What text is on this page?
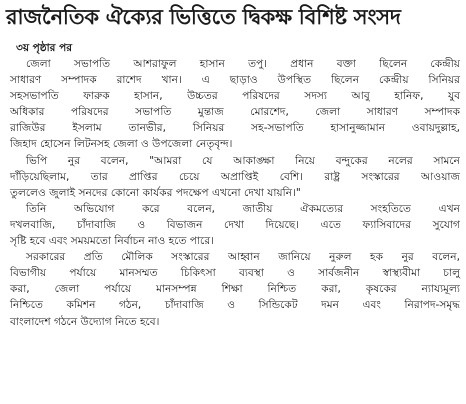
রাজনৈতিক ঐক্যের ভিত্তিতে দ্বিকক্ষ বিশিষ্ট সংসদ
৩য় পৃষ্ঠার পর
জেলা সভাপতি আশরাফুল হাসান তপু। প্রধান বক্তা ছিলেন কেন্দ্রীয়
সাধারণ সম্পাদক রাশেদ খান। এ ছাড়াও উপস্থিত ছিলেন কেন্দ্রীয় সিনিয়র
সহসভাপতি ফারুক হাসান, উচ্চতর পরিষদের সদস্য আবু হানিফ, যুব
অধিকার পরিষদের সভাপতি মুন্তাজ মোরশেদ, জেলা সাধারণ সম্পাদক
রাজিউর ইসলাম তানভীর, সিনিয়র সহ-সভাপতি হাসানুজ্জামান ওবায়দুল্লাহ,
জিহাদ হোসেন লিটনসহ জেলা ও উপজেলা নেতৃবৃন্দ।
ভিপি নুর বলেন, "আমরা যে আকাঙ্ক্ষা নিয়ে বন্দুকের নলের সামনে
দাঁড়িয়েছিলাম, তার প্রাপ্তির চেয়ে অপ্রাপ্তিই বেশি। রাষ্ট্র সংস্কারের আওয়াজ
তুললেও জুলাই সনদের কোনো কার্যকর পদক্ষেপ এখনো দেখা যায়নি।"
তিনি অভিযোগ করে বলেন, জাতীয় ঐকমত্যের সংহতিতে এখন
দখলবাজি, চাঁদাবাজি ও বিভাজন দেখা দিয়েছে। এতে ফ্যাসিবাদের সুযোগ
সৃষ্টি হবে এবং সময়মতো নির্বাচন নাও হতে পারে।
সরকারের প্রতি মৌলিক সংস্কারের আহ্বান জানিয়ে নুরুল হক নুর বলেন,
বিভাগীয় পর্যায়ে মানসম্মত চিকিৎসা ব্যবস্থা ও সার্বজনীন স্বাস্থ্যবীমা চালু
করা, জেলা পর্যায়ে মানসম্পন্ন শিক্ষা নিশ্চিত করা, কৃষকের ন্যায্যমূল্য
নিশ্চিতে কমিশন গঠন, চাঁদাবাজি ও সিন্ডিকেট দমন এবং নিরাপদ-সমৃদ্ধ
বাংলাদেশ গঠনে উদ্যোগ নিতে হবে।
